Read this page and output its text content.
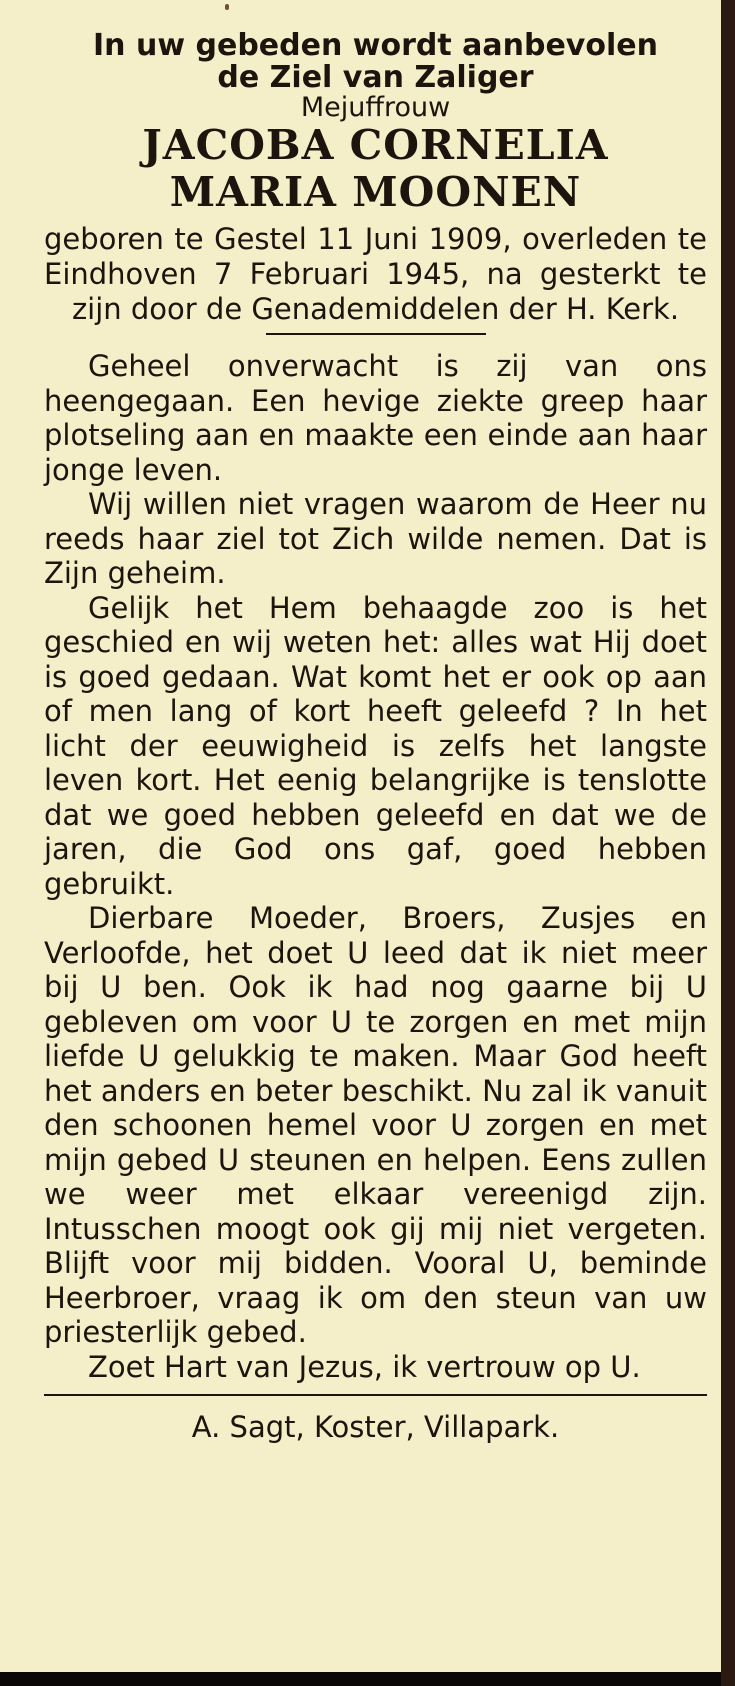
In uw gebeden wordt aanbevolen

de Ziel van Zaliger

Mejuffrouw

JACOBA CORNELIA

MARIA MOONEN

geboren te Gestel 11 Juni 1909, overleden te Eindhoven 7 Februari 1945, na gesterkt te zijn door de Genademiddelen der H. Kerk.

Geheel onverwacht is zij van ons heengegaan. Een hevige ziekte greep haar plotseling aan en maakte een einde aan haar jonge leven.

Wij willen niet vragen waarom de Heer nu reeds haar ziel tot Zich wilde nemen. Dat is Zijn geheim.

Gelijk het Hem behaagde zoo is het geschied en wij weten het: alles wat Hij doet is goed gedaan. Wat komt het er ook op aan of men lang of kort heeft geleefd ? In het licht der eeuwigheid is zelfs het langste leven kort. Het eenig belangrijke is tenslotte dat we goed hebben geleefd en dat we de jaren, die God ons gaf, goed hebben gebruikt.

Dierbare Moeder, Broers, Zusjes en Verloofde, het doet U leed dat ik niet meer bij U ben. Ook ik had nog gaarne bij U gebleven om voor U te zorgen en met mijn liefde U gelukkig te maken. Maar God heeft het anders en beter beschikt. Nu zal ik vanuit den schoonen hemel voor U zorgen en met mijn gebed U steunen en helpen. Eens zullen we weer met elkaar vereenigd zijn. Intusschen moogt ook gij mij niet vergeten. Blijft voor mij bidden. Vooral U, beminde Heerbroer, vraag ik om den steun van uw priesterlijk gebed.

Zoet Hart van Jezus, ik vertrouw op U.

A. Sagt, Koster, Villapark.
